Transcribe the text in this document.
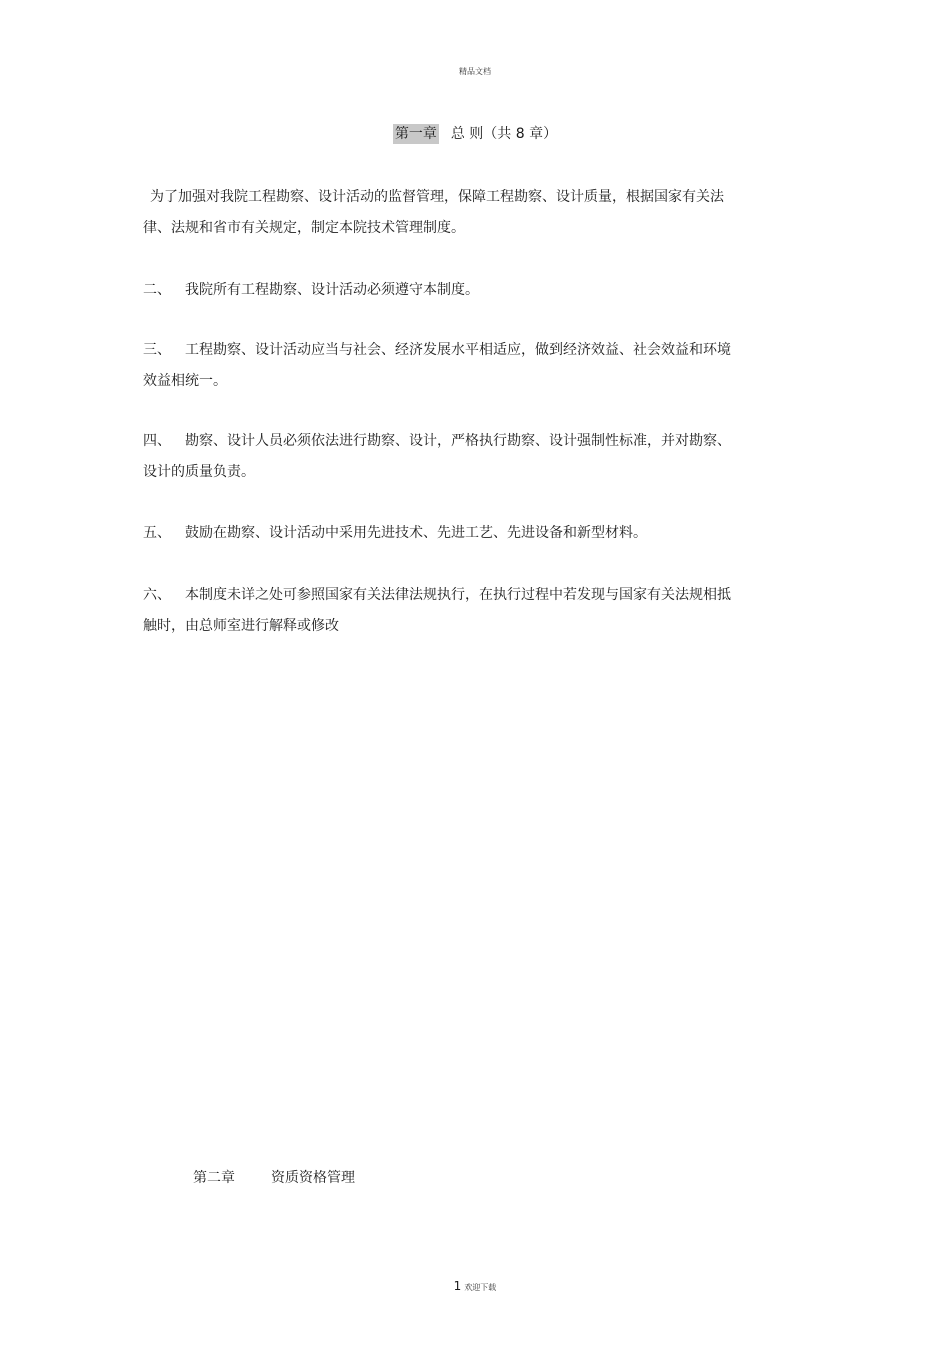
精品文档
第一章 总 则（共 8 章）

为了加强对我院工程勘察、设计活动的监督管理，保障工程勘察、设计质量，根据国家有关法律、法规和省市有关规定，制定本院技术管理制度。

二、 我院所有工程勘察、设计活动必须遵守本制度。

三、 工程勘察、设计活动应当与社会、经济发展水平相适应，做到经济效益、社会效益和环境效益相统一。

四、 勘察、设计人员必须依法进行勘察、设计，严格执行勘察、设计强制性标准，并对勘察、设计的质量负责。

五、 鼓励在勘察、设计活动中采用先进技术、先进工艺、先进设备和新型材料。

六、 本制度未详之处可参照国家有关法律法规执行，在执行过程中若发现与国家有关法规相抵触时，由总师室进行解释或修改

第二章	资质资格管理
1 欢迎下载
